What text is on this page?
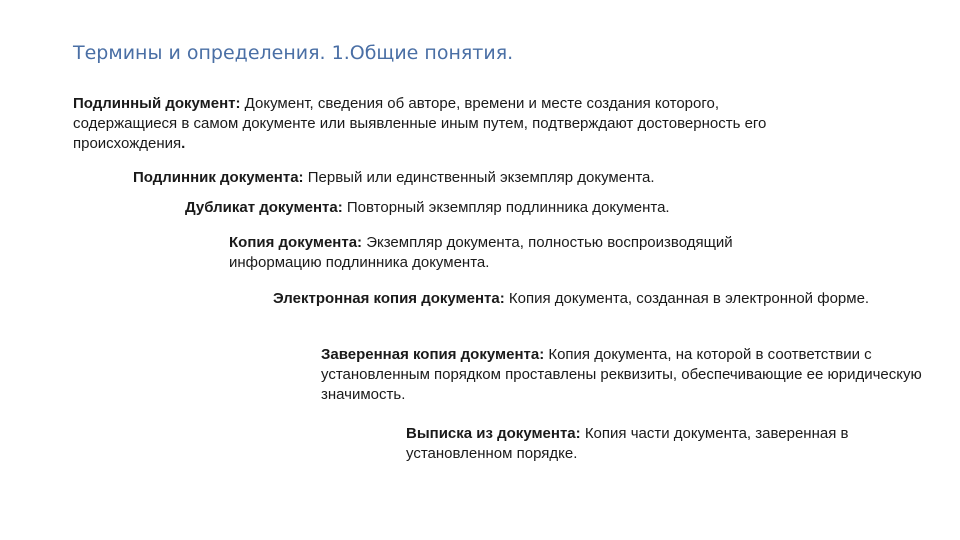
Термины и определения. 1.Общие понятия.
Подлинный документ: Документ, сведения об авторе, времени и месте создания которого, содержащиеся в самом документе или выявленные иным путем, подтверждают достоверность его происхождения.
Подлинник документа: Первый или единственный экземпляр документа.
Дубликат документа: Повторный экземпляр подлинника документа.
Копия документа: Экземпляр документа, полностью воспроизводящий информацию подлинника документа.
Электронная копия документа: Копия документа, созданная в электронной форме.
Заверенная копия документа: Копия документа, на которой в соответствии с установленным порядком проставлены реквизиты, обеспечивающие ее юридическую значимость.
Выписка из документа: Копия части документа, заверенная в установленном порядке.
